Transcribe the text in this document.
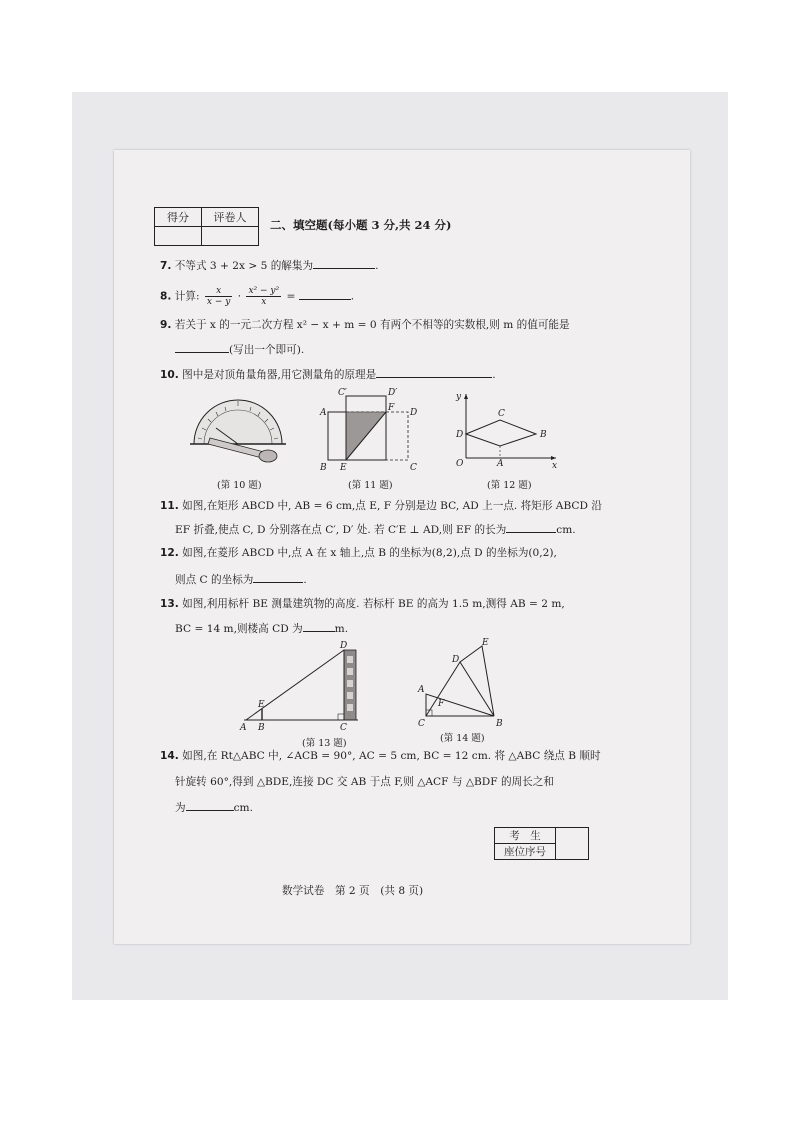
得分	评卷人

二、填空题(每小题 3 分,共 24 分)
7. 不等式 3 + 2x > 5 的解集为	.
8. 计算: $\frac{x}{x - y} \cdot \frac{\text{x² − y²}}{x}$ =	.
9. 若关于 x 的一元二次方程 x² − x + m = 0 有两个不相等的实数根,则 m 的值可能是
(写出一个即可).
10. 图中是对顶角量角器,用它测量角的原理是	.
(第 10 题)
A
B E	C
D
F
C′	D′
(第 11 题)
y
x
O	A
B
C
D
(第 12 题)
11. 如图,在矩形 ABCD 中, AB = 6 cm,点 E, F 分别是边 BC, AD 上一点. 将矩形 ABCD 沿
EF 折叠,使点 C, D 分别落在点 C′, D′ 处. 若 C′E ⊥ AD,则 EF 的长为	cm.
12. 如图,在菱形 ABCD 中,点 A 在 x 轴上,点 B 的坐标为(8,2),点 D 的坐标为(0,2),
则点 C 的坐标为	.
13. 如图,利用标杆 BE 测量建筑物的高度. 若标杆 BE 的高为 1.5 m,测得 AB = 2 m,
BC = 14 m,则楼高 CD 为	m.
A B
E
C
D
(第 13 题)
A
C	B
D
E
F
(第 14 题)
14. 如图,在 Rt△ABC 中, ∠ACB = 90°, AC = 5 cm, BC = 12 cm. 将 △ABC 绕点 B 顺时
针旋转 60°,得到 △BDE,连接 DC 交 AB 于点 F,则 △ACF 与 △BDF 的周长之和
为	cm.
考　生	
座位序号
数学试卷　第 2 页　(共 8 页)
